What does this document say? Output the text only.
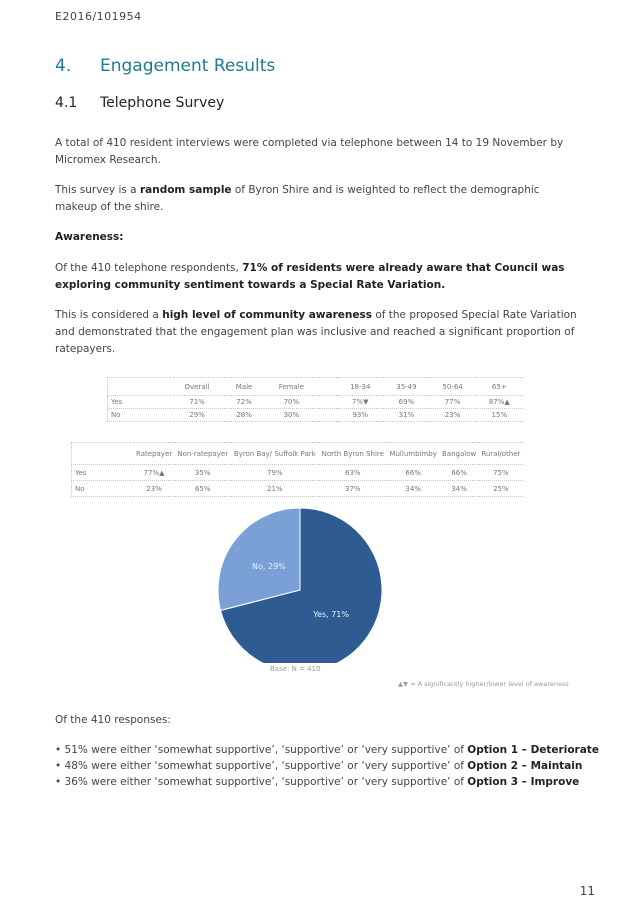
E2016/101954
4. Engagement Results
4.1 Telephone Survey
A total of 410 resident interviews were completed via telephone between 14 to 19 November by Micromex Research.
This survey is a random sample of Byron Shire and is weighted to reflect the demographic makeup of the shire.
Awareness:
Of the 410 telephone respondents, 71% of residents were already aware that Council was exploring community sentiment towards a Special Rate Variation.
This is considered a high level of community awareness of the proposed Special Rate Variation and demonstrated that the engagement plan was inclusive and reached a significant proportion of ratepayers.
	Overall	Male	Female		18-34	35-49	50-64	65+
Yes	71%	72%	70%		7%▼	69%	77%	87%▲
No	29%	28%	30%		93%	31%	23%	15%
	Ratepayer	Non-ratepayer	Byron Bay/ Suffolk Park	North Byron Shire	Mullumbimby	Bangalow	Rural/other
Yes	77%▲	35%	79%	63%	66%	66%	75%
No	23%	65%	21%	37%	34%	34%	25%
Yes, 71%
No, 29%
Base: N = 410
▲▼ = A significantly higher/lower level of awareness
Of the 410 responses:
• 51% were either ‘somewhat supportive’, ‘supportive’ or ‘very supportive’ of Option 1 – Deteriorate
• 48% were either ‘somewhat supportive’, ‘supportive’ or ‘very supportive’ of Option 2 – Maintain
• 36% were either ‘somewhat supportive’, ‘supportive’ or ‘very supportive’ of Option 3 – Improve
11
